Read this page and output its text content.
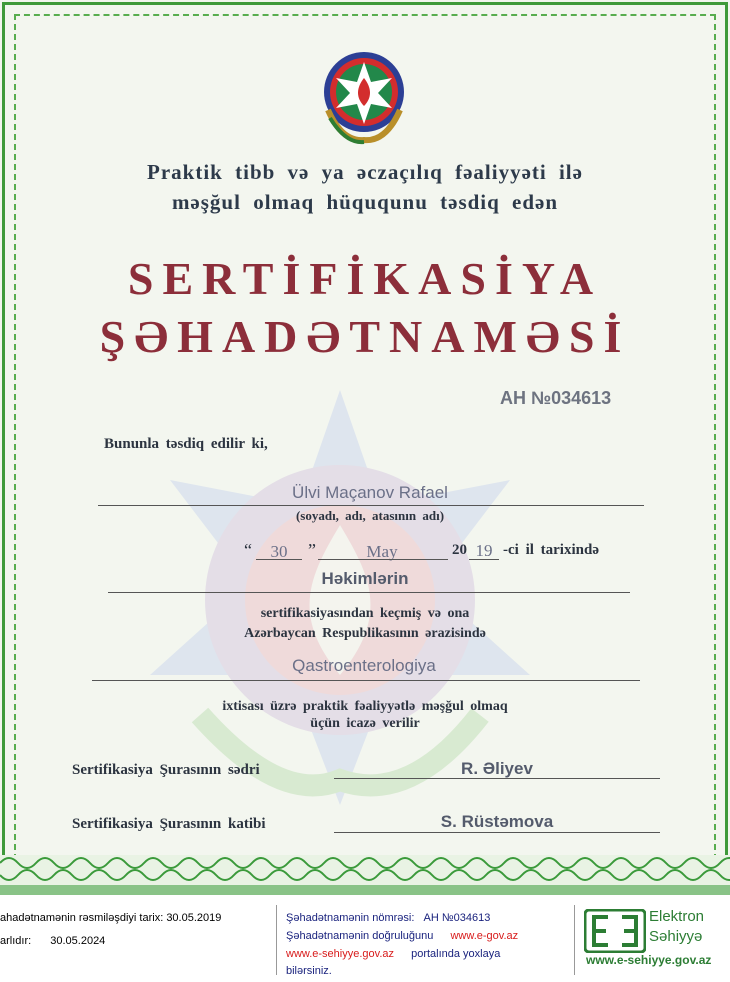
Praktik tibb və ya əczaçılıq fəaliyyəti ilə
məşğul olmaq hüququnu təsdiq edən
SERTİFİKASİYA
ŞƏHADƏTNAMƏSİ
AH №034613
Bununla təsdiq edilir ki,
Ülvi Maçanov Rafael
(soyadı, adı, atasının adı)
“	30	”	May	20 19 -ci il tarixində
Həkimlərin
sertifikasiyasından keçmiş və ona
Azərbaycan Respublikasının ərazisində
Qastroenterologiya
ixtisası üzrə praktik fəaliyyətlə məşğul olmaq
üçün icazə verilir
Sertifikasiya Şurasının sədri	R. Əliyev
Sertifikasiya Şurasının katibi	S. Rüstəmova
ahadətnamənin rəsmiləşdiyi tarix: 30.05.2019
arlıdır: 30.05.2024
Şəhadətnamənin nömrəsi: AH №034613
Şəhadətnamənin doğruluğunu www.e-gov.az
www.e-sehiyye.gov.az portalında yoxlaya
bilərsiniz.
Elektron
Səhiyyə
www.e-sehiyye.gov.az
